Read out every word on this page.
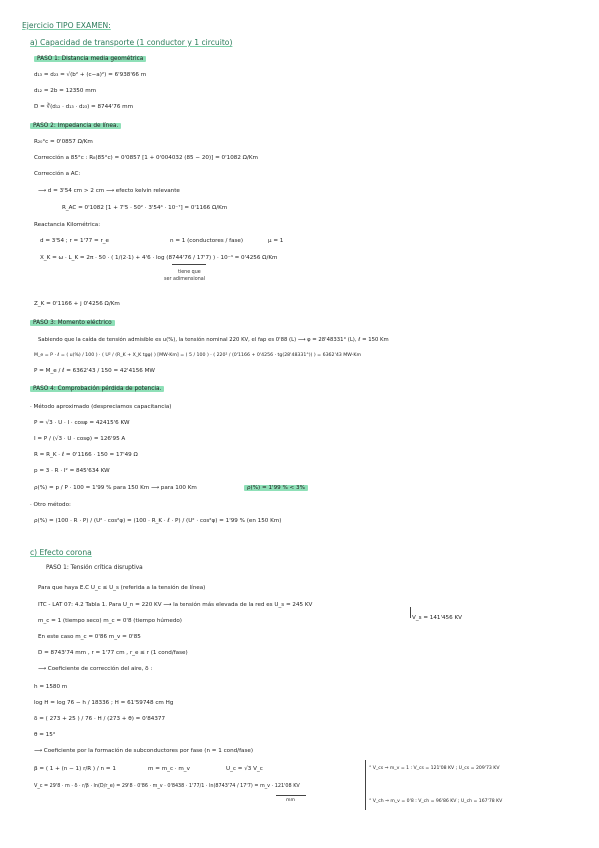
Ejercicio TIPO EXAMEN:
a) Capacidad de transporte (1 conductor y 1 circuito)
PASO 1: Distancia media geométrica
d₁₃ = d₂₃ = √(b² + (c−a)²) = 6'938'66 m
d₁₂ = 2b = 12350 mm
D = ∛(d₁₂ · d₁₃ · d₂₃) = 8744'76 mm
PASO 2: Impedancia de línea.
R₂₀°c = 0'0857 Ω/Km
Corrección a 85°c : R₈(85°c) = 0'0857 [1 + 0'004032 (85 − 20)] = 0'1082 Ω/Km
Corrección a AC:
⟶ d = 3'54 cm > 2 cm ⟶ efecto kelvin relevante
R_AC = 0'1082 [1 + 7'5 · 50² · 3'54⁴ · 10⁻⁷] = 0'1166 Ω/Km
Reactancia Kilométrica:
d = 3'54 ; r = 1'77 = r_e	n = 1 (conductores / fase)	μ = 1
X_K = ω · L_K = 2π · 50 · ( 1/(2·1) + 4'6 · log (8744'76 / 17'7) ) · 10⁻⁴ = 0'4256 Ω/Km
tiene que
ser adimensional
Z_K = 0'1166 + j 0'4256 Ω/Km
PASO 3: Momento eléctrico
Sabiendo que la caída de tensión admisible es u(%), la tensión nominal 220 KV, el fap es 0'88 (L) ⟶ φ = 28'48331° (L), ℓ = 150 Km
M_e = P · ℓ = ( u(%) / 100 ) · ( U² / (R_K + X_K tgφ) ) [MW·Km] = ( 5 / 100 ) · ( 220² / (0'1166 + 0'4256 · tg(28'48331°)) ) = 6362'43 MW·Km
P = M_e / ℓ = 6362'43 / 150 = 42'4156 MW
PASO 4: Comprobación pérdida de potencia.
· Método aproximado (despreciamos capacitancia)
P = √3 · U · I · cosφ = 42415'6 KW
I = P / (√3 · U · cosφ) = 126'95 A
R = R_K · ℓ = 0'1166 · 150 = 17'49 Ω
p = 3 · R · I² = 845'634 KW
ρ(%) = p / P · 100 = 1'99 % para 150 Km ⟶ para 100 Km	ρ(%) = 1'99 % < 3%
· Otro método:
ρ(%) = (100 · R · P) / (U² · cos²φ) = (100 · R_K · ℓ · P) / (U² · cos²φ) = 1'99 % (en 150 Km)
c) Efecto corona
PASO 1: Tensión crítica disruptiva
Para que haya E.C U_c ≤ U_s (referida a la tensión de línea)
ITC - LAT 07: 4.2 Tabla 1. Para U_n = 220 KV ⟶ la tensión más elevada de la red es U_s = 245 KV
V_s = 141'456 KV
m_c = 1 (tiempo seco) m_c = 0'8 (tiempo húmedo)
En este caso m_c = 0'86 m_v = 0'85
D = 8743'74 mm , r = 1'77 cm , r_e ≤ r (1 cond/fase)
⟶ Coeficiente de corrección del aire, δ :
h = 1580 m
log H = log 76 − h / 18336 ; H = 61'59748 cm Hg
δ = ( 273 + 25 ) / 76 · H / (273 + θ) = 0'84377
θ = 15°
⟶ Coeficiente por la formación de subconductores por fase (n = 1 cond/fase)
β = ( 1 + (n − 1) r/R ) / n = 1	m = m_c · m_v	U_c = √3 V_c
V_c = 29'8 · m · δ · r/β · ln(D/r_e) = 29'8 · 0'86 · m_v · 0'8438 · 1'77/1 · ln(8743'74 / 17'7) = m_v · 121'08 KV
mm
° V_cs ⇒ m_v = 1 : V_cs = 121'08 KV ; U_cs = 209'73 KV
° V_ch ⇒ m_v = 0'8 : V_ch = 96'86 KV ; U_ch = 167'78 KV
